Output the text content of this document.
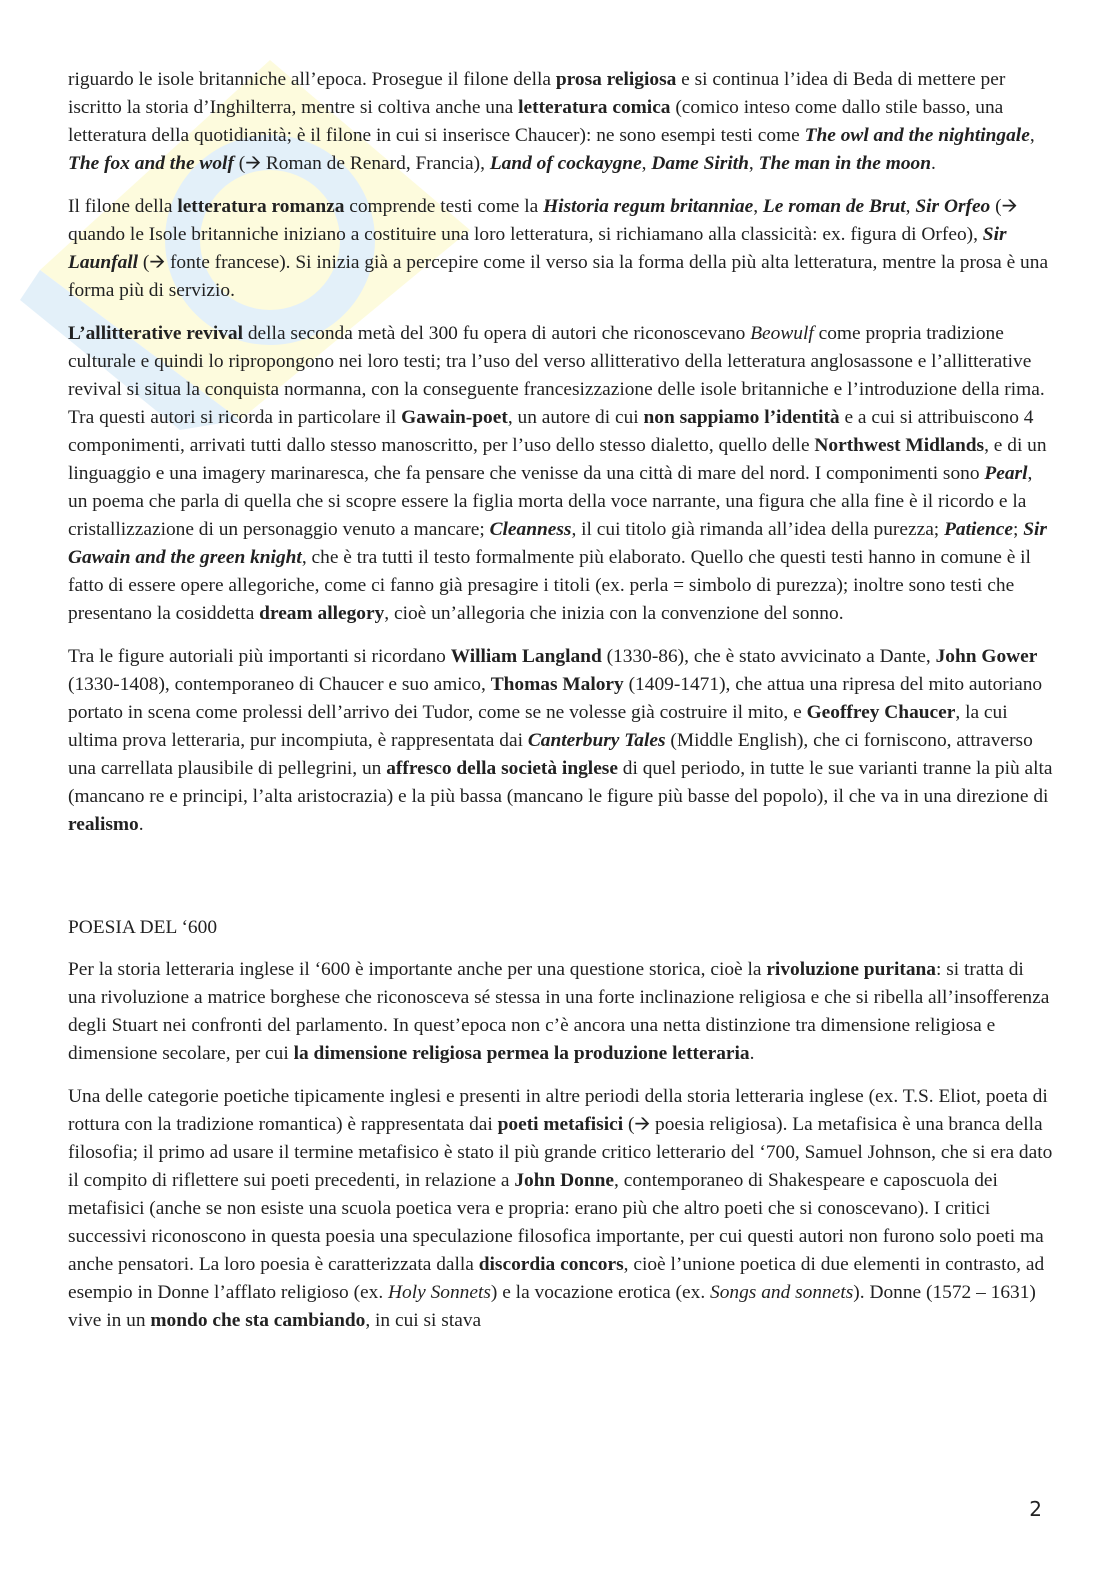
riguardo le isole britanniche all’epoca. Prosegue il filone della prosa religiosa e si continua l’idea di Beda di mettere per iscritto la storia d’Inghilterra, mentre si coltiva anche una letteratura comica (comico inteso come dallo stile basso, una letteratura della quotidianità; è il filone in cui si inserisce Chaucer): ne sono esempi testi come The owl and the nightingale, The fox and the wolf (🡪 Roman de Renard, Francia), Land of cockaygne, Dame Sirith, The man in the moon.

Il filone della letteratura romanza comprende testi come la Historia regum britanniae, Le roman de Brut, Sir Orfeo (🡪 quando le Isole britanniche iniziano a costituire una loro letteratura, si richiamano alla classicità: ex. figura di Orfeo), Sir Launfall (🡪 fonte francese). Si inizia già a percepire come il verso sia la forma della più alta letteratura, mentre la prosa è una forma più di servizio.

L’allitterative revival della seconda metà del 300 fu opera di autori che riconoscevano Beowulf come propria tradizione culturale e quindi lo ripropongono nei loro testi; tra l’uso del verso allitterativo della letteratura anglosassone e l’allitterative revival si situa la conquista normanna, con la conseguente francesizzazione delle isole britanniche e l’introduzione della rima. Tra questi autori si ricorda in particolare il Gawain-poet, un autore di cui non sappiamo l’identità e a cui si attribuiscono 4 componimenti, arrivati tutti dallo stesso manoscritto, per l’uso dello stesso dialetto, quello delle Northwest Midlands, e di un linguaggio e una imagery marinaresca, che fa pensare che venisse da una città di mare del nord. I componimenti sono Pearl, un poema che parla di quella che si scopre essere la figlia morta della voce narrante, una figura che alla fine è il ricordo e la cristallizzazione di un personaggio venuto a mancare; Cleanness, il cui titolo già rimanda all’idea della purezza; Patience; Sir Gawain and the green knight, che è tra tutti il testo formalmente più elaborato. Quello che questi testi hanno in comune è il fatto di essere opere allegoriche, come ci fanno già presagire i titoli (ex. perla = simbolo di purezza); inoltre sono testi che presentano la cosiddetta dream allegory, cioè un’allegoria che inizia con la convenzione del sonno.

Tra le figure autoriali più importanti si ricordano William Langland (1330-86), che è stato avvicinato a Dante, John Gower (1330-1408), contemporaneo di Chaucer e suo amico, Thomas Malory (1409-1471), che attua una ripresa del mito autoriano portato in scena come prolessi dell’arrivo dei Tudor, come se ne volesse già costruire il mito, e Geoffrey Chaucer, la cui ultima prova letteraria, pur incompiuta, è rappresentata dai Canterbury Tales (Middle English), che ci forniscono, attraverso una carrellata plausibile di pellegrini, un affresco della società inglese di quel periodo, in tutte le sue varianti tranne la più alta (mancano re e principi, l’alta aristocrazia) e la più bassa (mancano le figure più basse del popolo), il che va in una direzione di realismo.

POESIA DEL ‘600

Per la storia letteraria inglese il ‘600 è importante anche per una questione storica, cioè la rivoluzione puritana: si tratta di una rivoluzione a matrice borghese che riconosceva sé stessa in una forte inclinazione religiosa e che si ribella all’insofferenza degli Stuart nei confronti del parlamento. In quest’epoca non c’è ancora una netta distinzione tra dimensione religiosa e dimensione secolare, per cui la dimensione religiosa permea la produzione letteraria.

Una delle categorie poetiche tipicamente inglesi e presenti in altre periodi della storia letteraria inglese (ex. T.S. Eliot, poeta di rottura con la tradizione romantica) è rappresentata dai poeti metafisici (🡪 poesia religiosa). La metafisica è una branca della filosofia; il primo ad usare il termine metafisico è stato il più grande critico letterario del ‘700, Samuel Johnson, che si era dato il compito di riflettere sui poeti precedenti, in relazione a John Donne, contemporaneo di Shakespeare e caposcuola dei metafisici (anche se non esiste una scuola poetica vera e propria: erano più che altro poeti che si conoscevano). I critici successivi riconoscono in questa poesia una speculazione filosofica importante, per cui questi autori non furono solo poeti ma anche pensatori. La loro poesia è caratterizzata dalla discordia concors, cioè l’unione poetica di due elementi in contrasto, ad esempio in Donne l’afflato religioso (ex. Holy Sonnets) e la vocazione erotica (ex. Songs and sonnets). Donne (1572 – 1631) vive in un mondo che sta cambiando, in cui si stava

2
